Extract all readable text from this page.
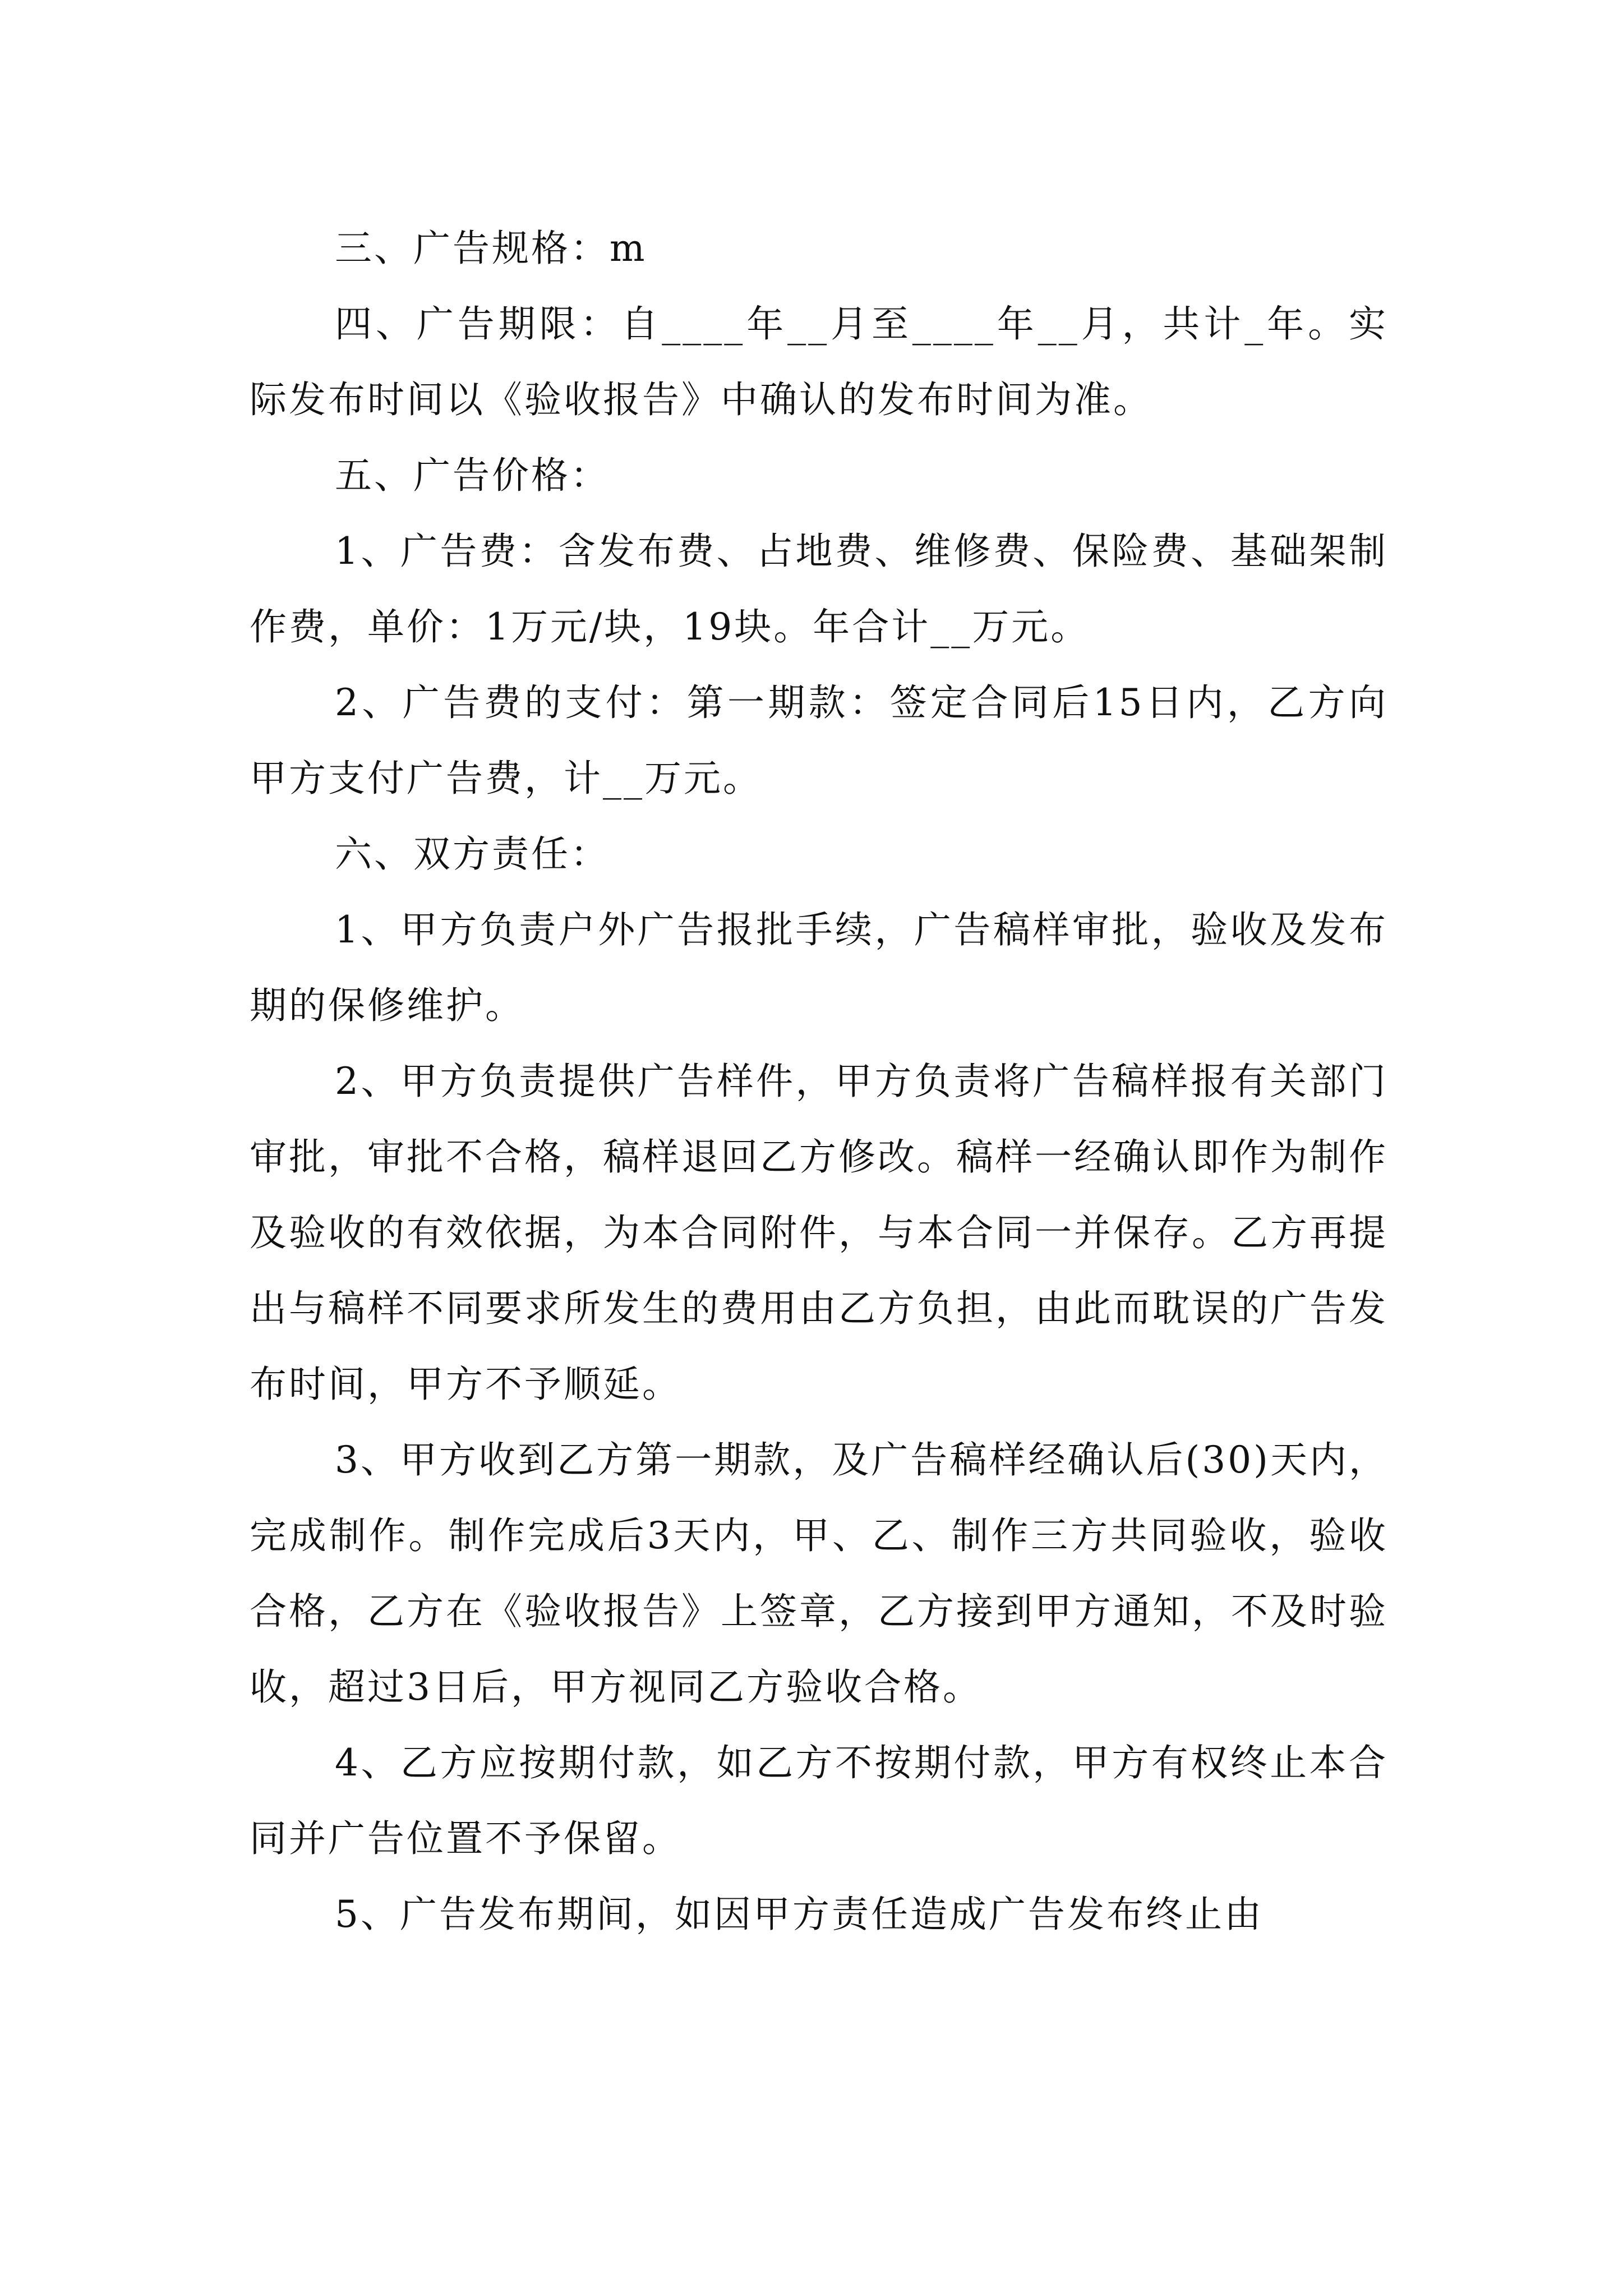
三、广告规格：m

四、广告期限：自____年__月至____年__月，共计_年。实际发布时间以《验收报告》中确认的发布时间为准。

五、广告价格：

1、广告费：含发布费、占地费、维修费、保险费、基础架制作费，单价：1万元/块，19块。年合计__万元。

2、广告费的支付：第一期款：签定合同后15日内，乙方向甲方支付广告费，计__万元。

六、双方责任：

1、甲方负责户外广告报批手续，广告稿样审批，验收及发布期的保修维护。

2、甲方负责提供广告样件，甲方负责将广告稿样报有关部门审批，审批不合格，稿样退回乙方修改。稿样一经确认即作为制作及验收的有效依据，为本合同附件，与本合同一并保存。乙方再提出与稿样不同要求所发生的费用由乙方负担，由此而耽误的广告发布时间，甲方不予顺延。

3、甲方收到乙方第一期款，及广告稿样经确认后(30)天内，完成制作。制作完成后3天内，甲、乙、制作三方共同验收，验收合格，乙方在《验收报告》上签章，乙方接到甲方通知，不及时验收，超过3日后，甲方视同乙方验收合格。

4、乙方应按期付款，如乙方不按期付款，甲方有权终止本合同并广告位置不予保留。

5、广告发布期间，如因甲方责任造成广告发布终止由
